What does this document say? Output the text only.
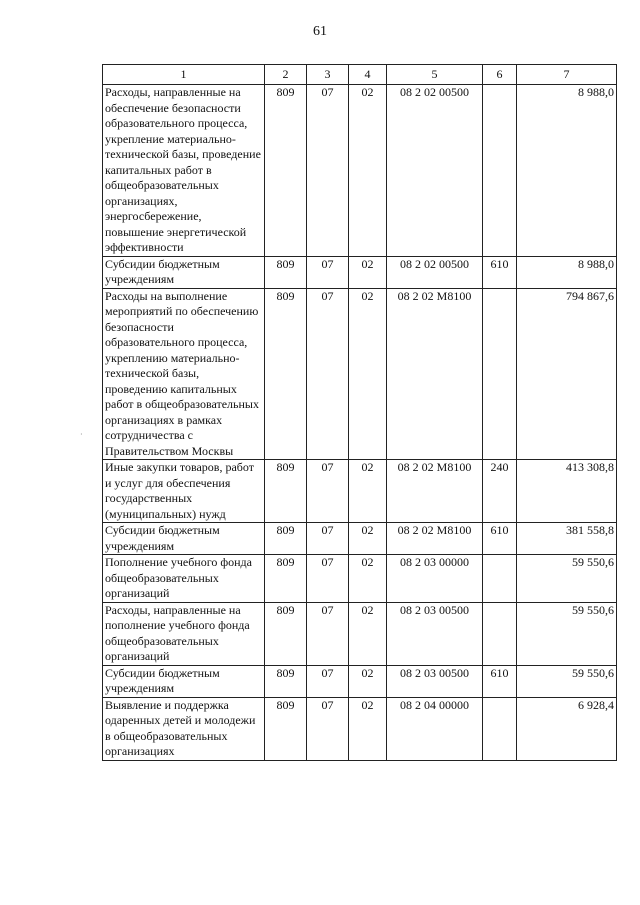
61
1	2	3	4	5	6	7
Расходы, направленные на обеспечение безопасности образовательного процесса, укрепление материально-технической базы, проведение капитальных работ в общеобразовательных организациях, энергосбережение, повышение энергетической эффективности	809	07	02	08 2 02 00500		8 988,0
Субсидии бюджетным учреждениям	809	07	02	08 2 02 00500	610	8 988,0
Расходы на выполнение мероприятий по обеспечению безопасности образовательного процесса, укреплению материально-технической базы, проведению капитальных работ в общеобразовательных организациях в рамках сотрудничества с Правительством Москвы	809	07	02	08 2 02 М8100		794 867,6
Иные закупки товаров, работ и услуг для обеспечения государственных (муниципальных) нужд	809	07	02	08 2 02 М8100	240	413 308,8
Субсидии бюджетным учреждениям	809	07	02	08 2 02 М8100	610	381 558,8
Пополнение учебного фонда общеобразовательных организаций	809	07	02	08 2 03 00000		59 550,6
Расходы, направленные на пополнение учебного фонда общеобразовательных организаций	809	07	02	08 2 03 00500		59 550,6
Субсидии бюджетным учреждениям	809	07	02	08 2 03 00500	610	59 550,6
Выявление и поддержка одаренных детей и молодежи в общеобразовательных организациях	809	07	02	08 2 04 00000		6 928,4
·
